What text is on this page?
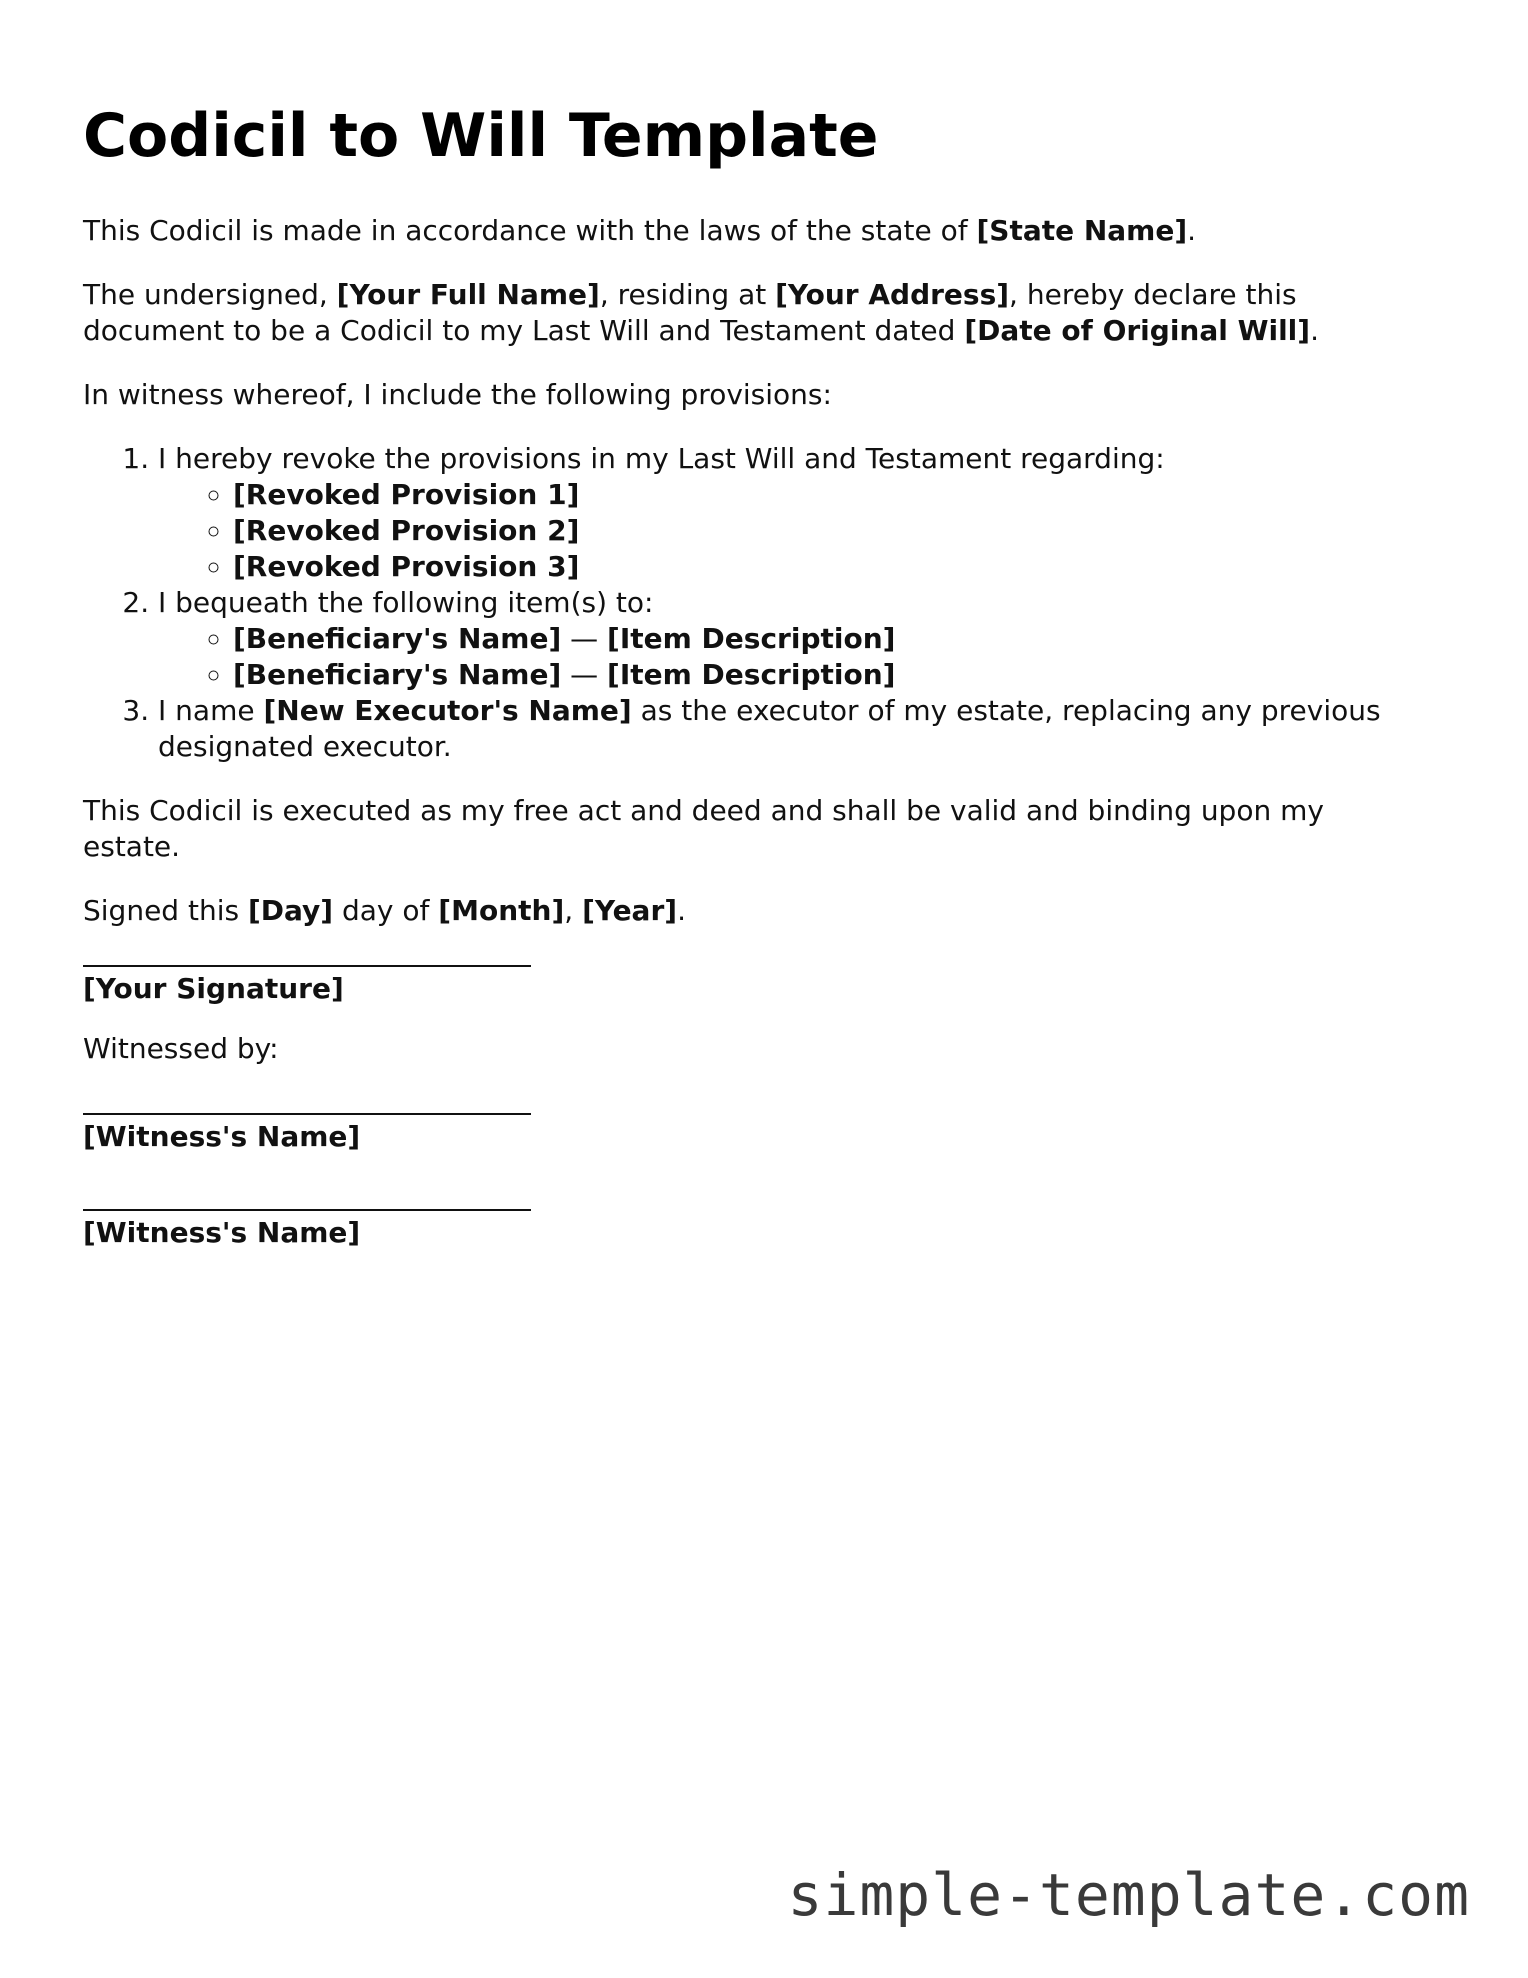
Codicil to Will Template

This Codicil is made in accordance with the laws of the state of [State Name].

The undersigned, [Your Full Name], residing at [Your Address], hereby declare this document to be a Codicil to my Last Will and Testament dated [Date of Original Will].

In witness whereof, I include the following provisions:

1. I hereby revoke the provisions in my Last Will and Testament regarding:
◦ [Revoked Provision 1]
◦ [Revoked Provision 2]
◦ [Revoked Provision 3]
2. I bequeath the following item(s) to:
◦ [Beneficiary's Name] — [Item Description]
◦ [Beneficiary's Name] — [Item Description]
3. I name [New Executor's Name] as the executor of my estate, replacing any previous designated executor.

This Codicil is executed as my free act and deed and shall be valid and binding upon my estate.

Signed this [Day] day of [Month], [Year].

[Your Signature]

Witnessed by:

[Witness's Name]

[Witness's Name]

simple-template.com
